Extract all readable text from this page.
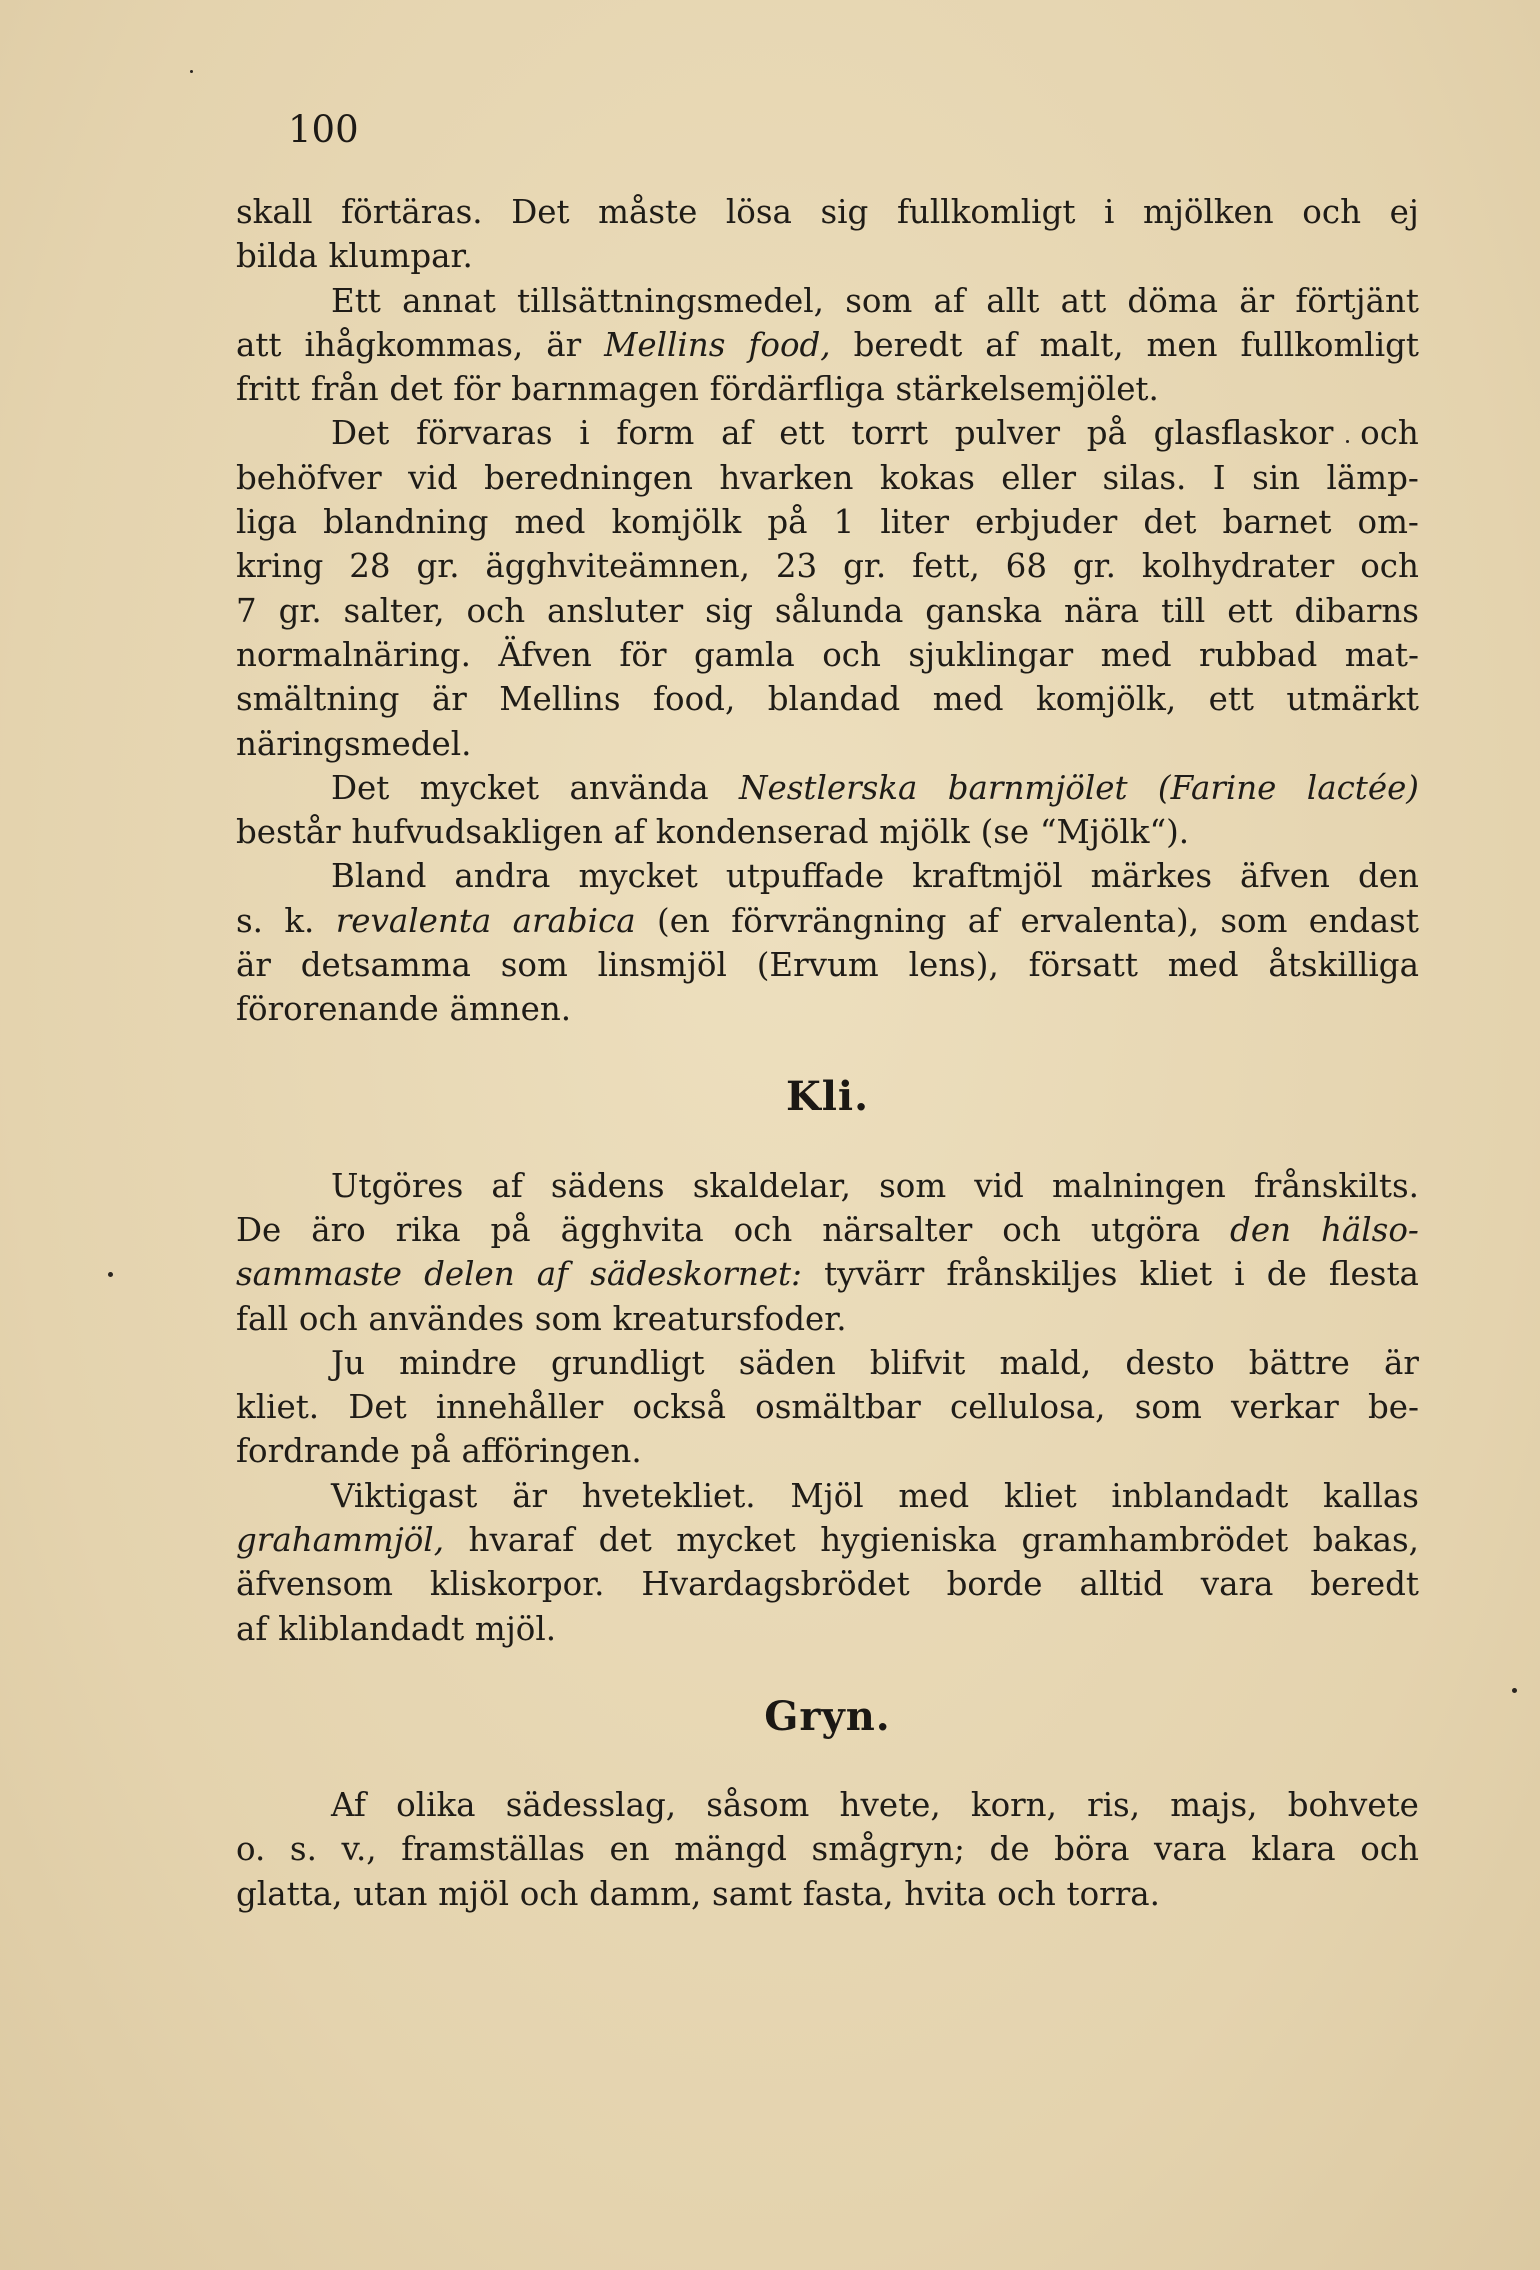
100
skall förtäras. Det måste lösa sig fullkomligt i mjölken och ej
bilda klumpar.
Ett annat tillsättningsmedel, som af allt att döma är förtjänt
att ihågkommas, är Mellins food, beredt af malt, men fullkomligt
fritt från det för barnmagen fördärfliga stärkelsemjölet.
Det förvaras i form af ett torrt pulver på glasflaskor och
behöfver vid beredningen hvarken kokas eller silas. I sin lämp-
liga blandning med komjölk på 1 liter erbjuder det barnet om-
kring 28 gr. ägghviteämnen, 23 gr. fett, 68 gr. kolhydrater och
7 gr. salter, och ansluter sig sålunda ganska nära till ett dibarns
normalnäring. Äfven för gamla och sjuklingar med rubbad mat-
smältning är Mellins food, blandad med komjölk, ett utmärkt
näringsmedel.
Det mycket använda Nestlerska barnmjölet (Farine lactée)
består hufvudsakligen af kondenserad mjölk (se “Mjölk“).
Bland andra mycket utpuffade kraftmjöl märkes äfven den
s. k. revalenta arabica (en förvrängning af ervalenta), som endast
är detsamma som linsmjöl (Ervum lens), försatt med åtskilliga
förorenande ämnen.
Kli.
Utgöres af sädens skaldelar, som vid malningen frånskilts.
De äro rika på ägghvita och närsalter och utgöra den hälso-
sammaste delen af sädeskornet: tyvärr frånskiljes kliet i de flesta
fall och användes som kreatursfoder.
Ju mindre grundligt säden blifvit mald, desto bättre är
kliet. Det innehåller också osmältbar cellulosa, som verkar be-
fordrande på afföringen.
Viktigast är hvetekliet. Mjöl med kliet inblandadt kallas
grahammjöl, hvaraf det mycket hygieniska gramhambrödet bakas,
äfvensom kliskorpor. Hvardagsbrödet borde alltid vara beredt
af kliblandadt mjöl.
Gryn.
Af olika sädesslag, såsom hvete, korn, ris, majs, bohvete
o. s. v., framställas en mängd smågryn; de böra vara klara och
glatta, utan mjöl och damm, samt fasta, hvita och torra.
